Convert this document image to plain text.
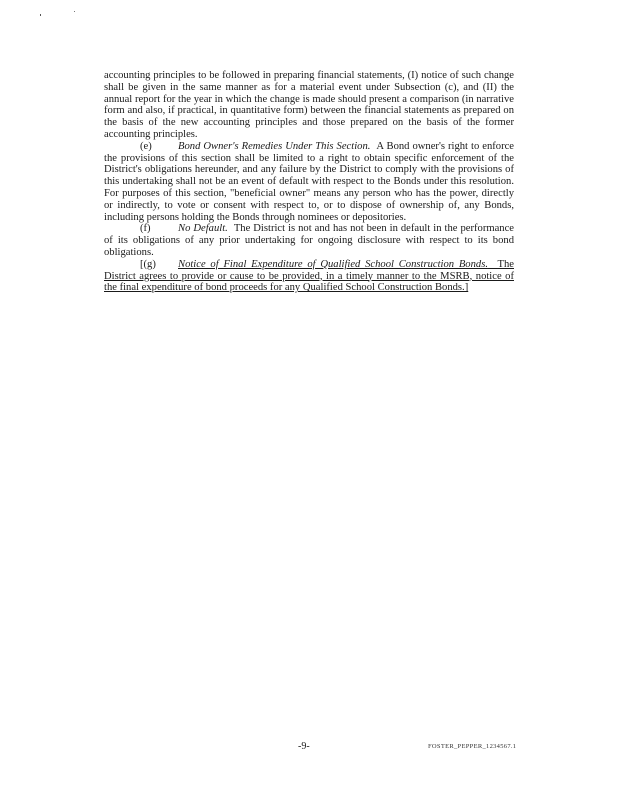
accounting principles to be followed in preparing financial statements, (I) notice of such change shall be given in the same manner as for a material event under Subsection (c), and (II) the annual report for the year in which the change is made should present a comparison (in narrative form and also, if practical, in quantitative form) between the financial statements as prepared on the basis of the new accounting principles and those prepared on the basis of the former accounting principles.

(e) Bond Owner's Remedies Under This Section. A Bond owner's right to enforce the provisions of this section shall be limited to a right to obtain specific enforcement of the District's obligations hereunder, and any failure by the District to comply with the provisions of this undertaking shall not be an event of default with respect to the Bonds under this resolution. For purposes of this section, "beneficial owner" means any person who has the power, directly or indirectly, to vote or consent with respect to, or to dispose of ownership of, any Bonds, including persons holding the Bonds through nominees or depositories.

(f)	No Default. The District is not and has not been in default in the performance of its obligations of any prior undertaking for ongoing disclosure with respect to its bond obligations.

[(g) Notice of Final Expenditure of Qualified School Construction Bonds. The District agrees to provide or cause to be provided, in a timely manner to the MSRB, notice of the final expenditure of bond proceeds for any Qualified School Construction Bonds.]

-9-	FOSTER_PEPPER_1234567.1
